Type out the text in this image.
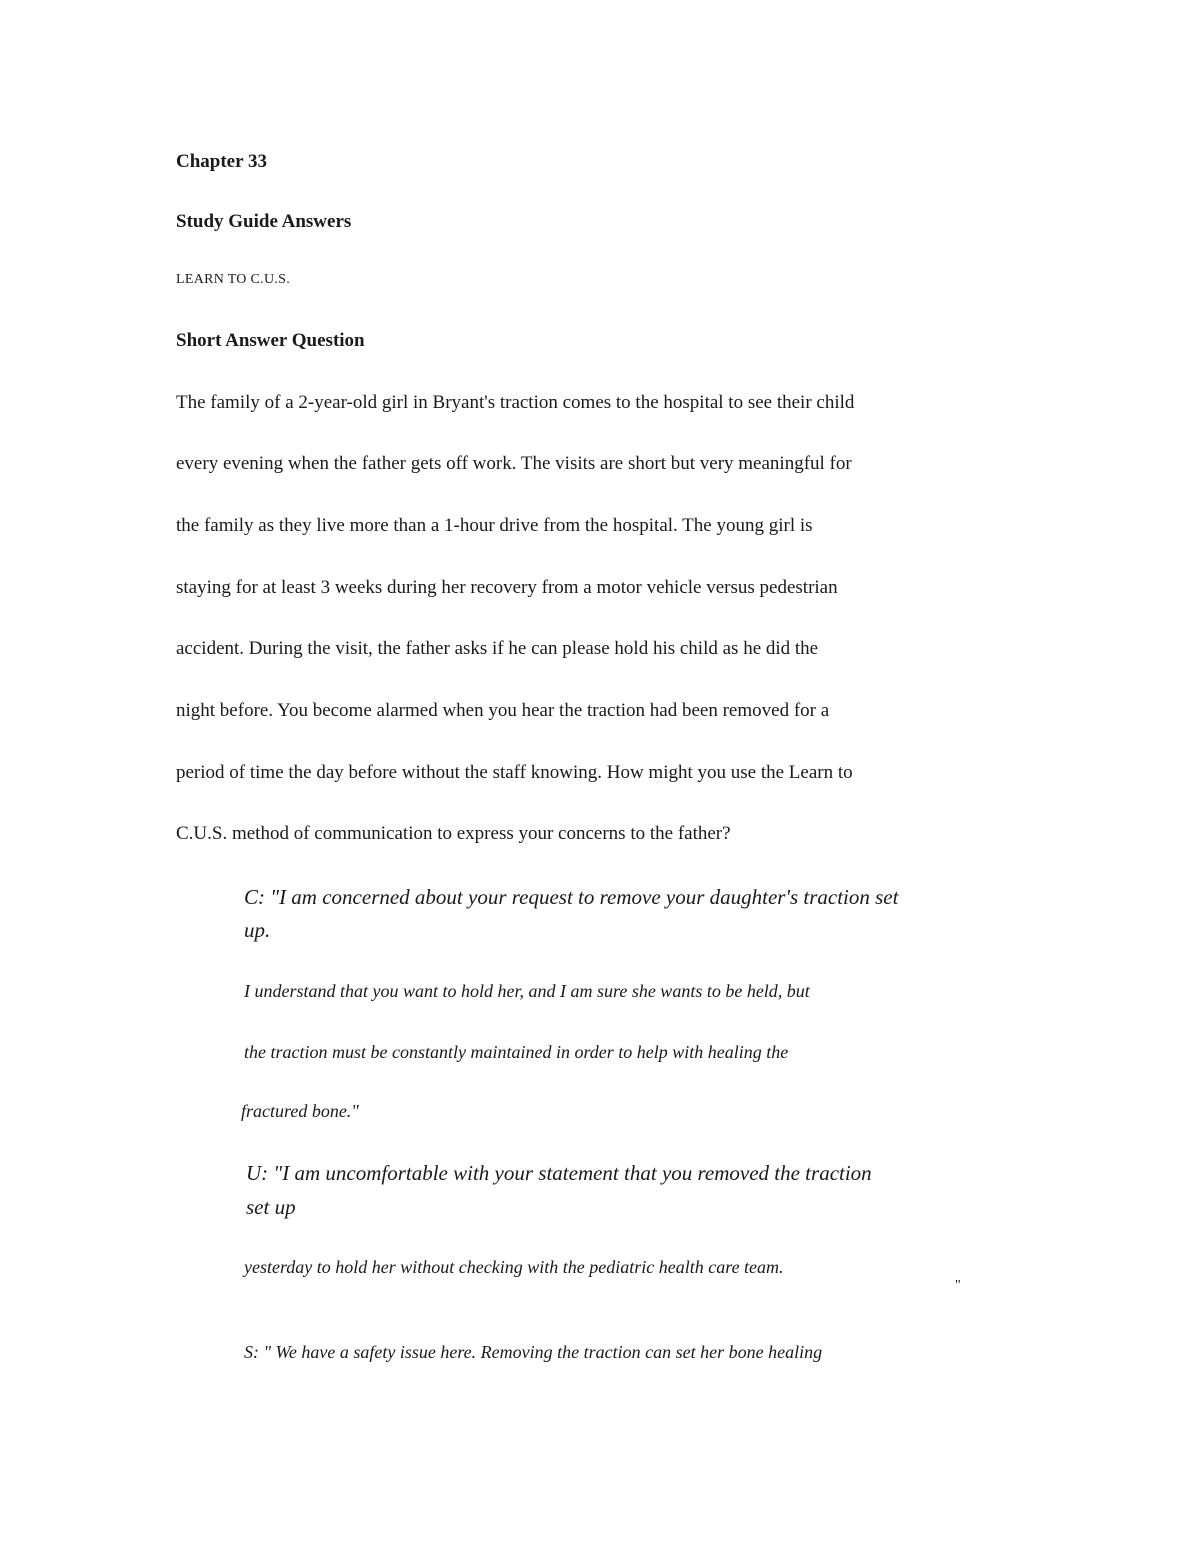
Chapter 33
Study Guide Answers
LEARN TO C.U.S.
Short Answer Question
The family of a 2-year-old girl in Bryant's traction comes to the hospital to see their child
every evening when the father gets off work. The visits are short but very meaningful for
the family as they live more than a 1-hour drive from the hospital. The young girl is
staying for at least 3 weeks during her recovery from a motor vehicle versus pedestrian
accident. During the visit, the father asks if he can please hold his child as he did the
night before. You become alarmed when you hear the traction had been removed for a
period of time the day before without the staff knowing. How might you use the Learn to
C.U.S. method of communication to express your concerns to the father?
C: "I am concerned about your request to remove your daughter's traction set
up.
I understand that you want to hold her, and I am sure she wants to be held, but
the traction must be constantly maintained in order to help with healing the
fractured bone."
U: "I am uncomfortable with your statement that you removed the traction
set up
yesterday to hold her without checking with the pediatric health care team.
"
S: " We have a safety issue here. Removing the traction can set her bone healing
